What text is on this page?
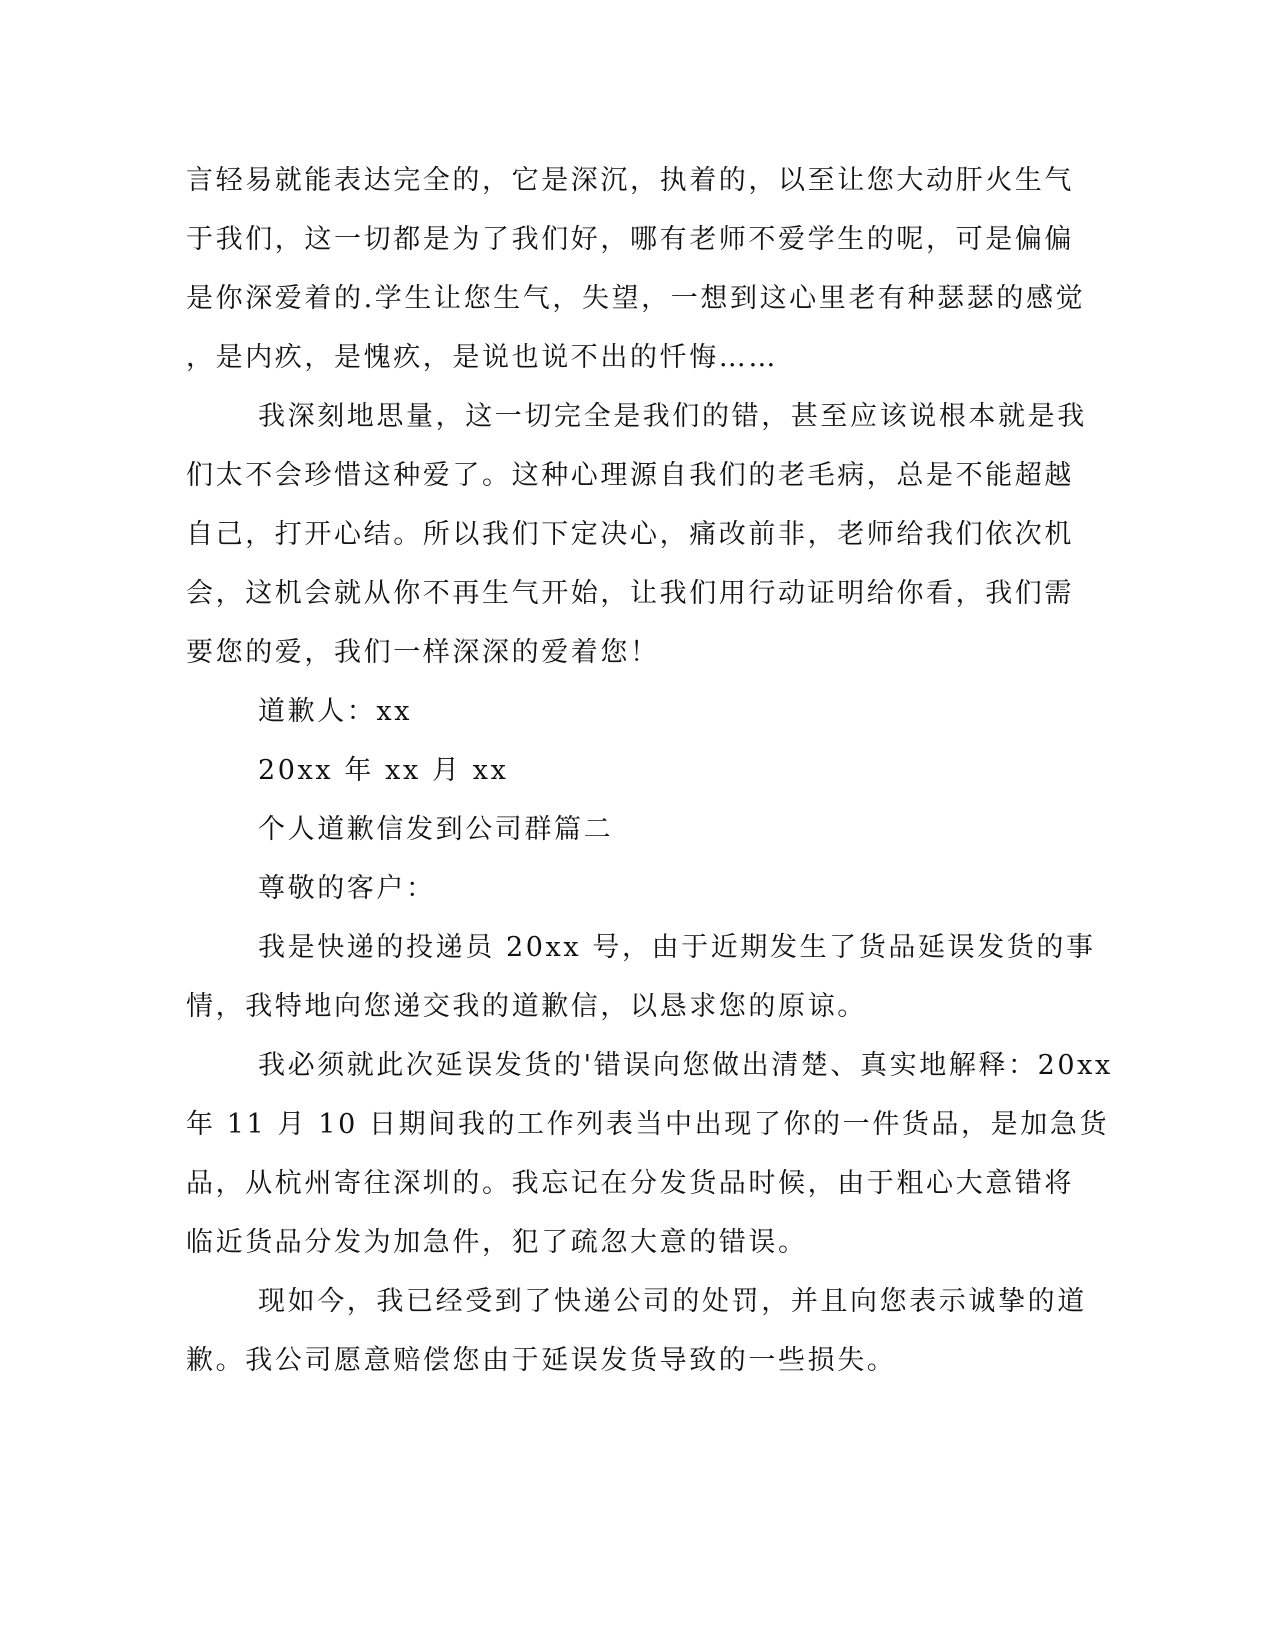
言轻易就能表达完全的，它是深沉，执着的，以至让您大动肝火生气
于我们，这一切都是为了我们好，哪有老师不爱学生的呢，可是偏偏
是你深爱着的.学生让您生气，失望，一想到这心里老有种瑟瑟的感觉
，是内疚，是愧疚，是说也说不出的忏悔……
我深刻地思量，这一切完全是我们的错，甚至应该说根本就是我
们太不会珍惜这种爱了。这种心理源自我们的老毛病，总是不能超越
自己，打开心结。所以我们下定决心，痛改前非，老师给我们依次机
会，这机会就从你不再生气开始，让我们用行动证明给你看，我们需
要您的爱，我们一样深深的爱着您！
道歉人：xx
20xx 年 xx 月 xx
个人道歉信发到公司群篇二
尊敬的客户：
我是快递的投递员 20xx 号，由于近期发生了货品延误发货的事
情，我特地向您递交我的道歉信，以恳求您的原谅。
我必须就此次延误发货的'错误向您做出清楚、真实地解释：20xx
年 11 月 10 日期间我的工作列表当中出现了你的一件货品，是加急货
品，从杭州寄往深圳的。我忘记在分发货品时候，由于粗心大意错将
临近货品分发为加急件，犯了疏忽大意的错误。
现如今，我已经受到了快递公司的处罚，并且向您表示诚挚的道
歉。我公司愿意赔偿您由于延误发货导致的一些损失。
